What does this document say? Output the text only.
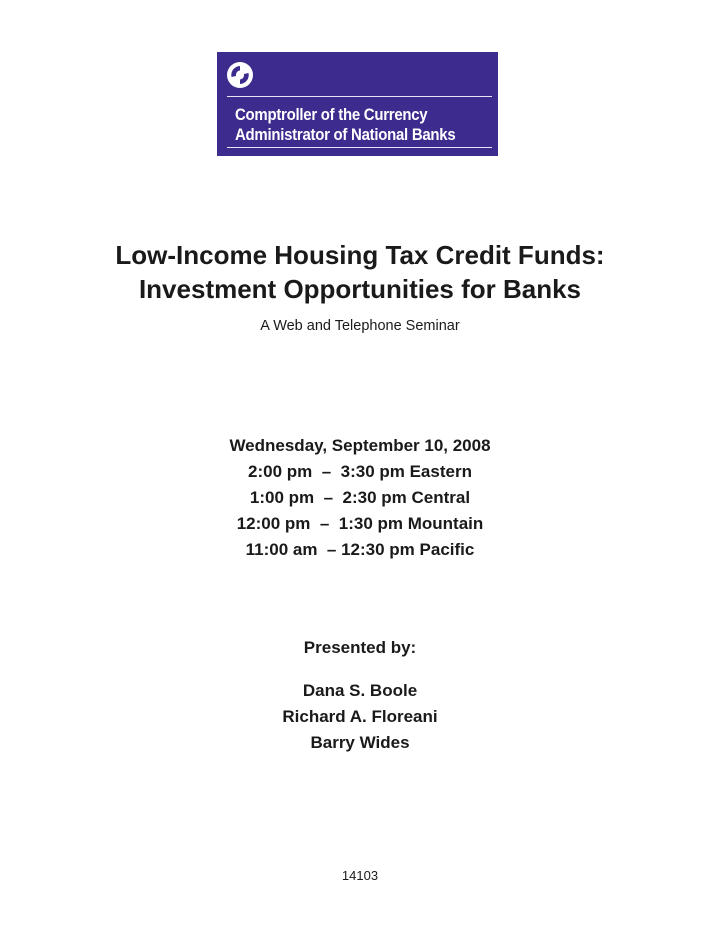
Comptroller of the Currency
Administrator of National Banks
Low-Income Housing Tax Credit Funds:
Investment Opportunities for Banks
A Web and Telephone Seminar
Wednesday, September 10, 2008
2:00 pm  –  3:30 pm Eastern
1:00 pm  –  2:30 pm Central
12:00 pm  –  1:30 pm Mountain
11:00 am  – 12:30 pm Pacific
Presented by:
Dana S. Boole
Richard A. Floreani
Barry Wides
14103
